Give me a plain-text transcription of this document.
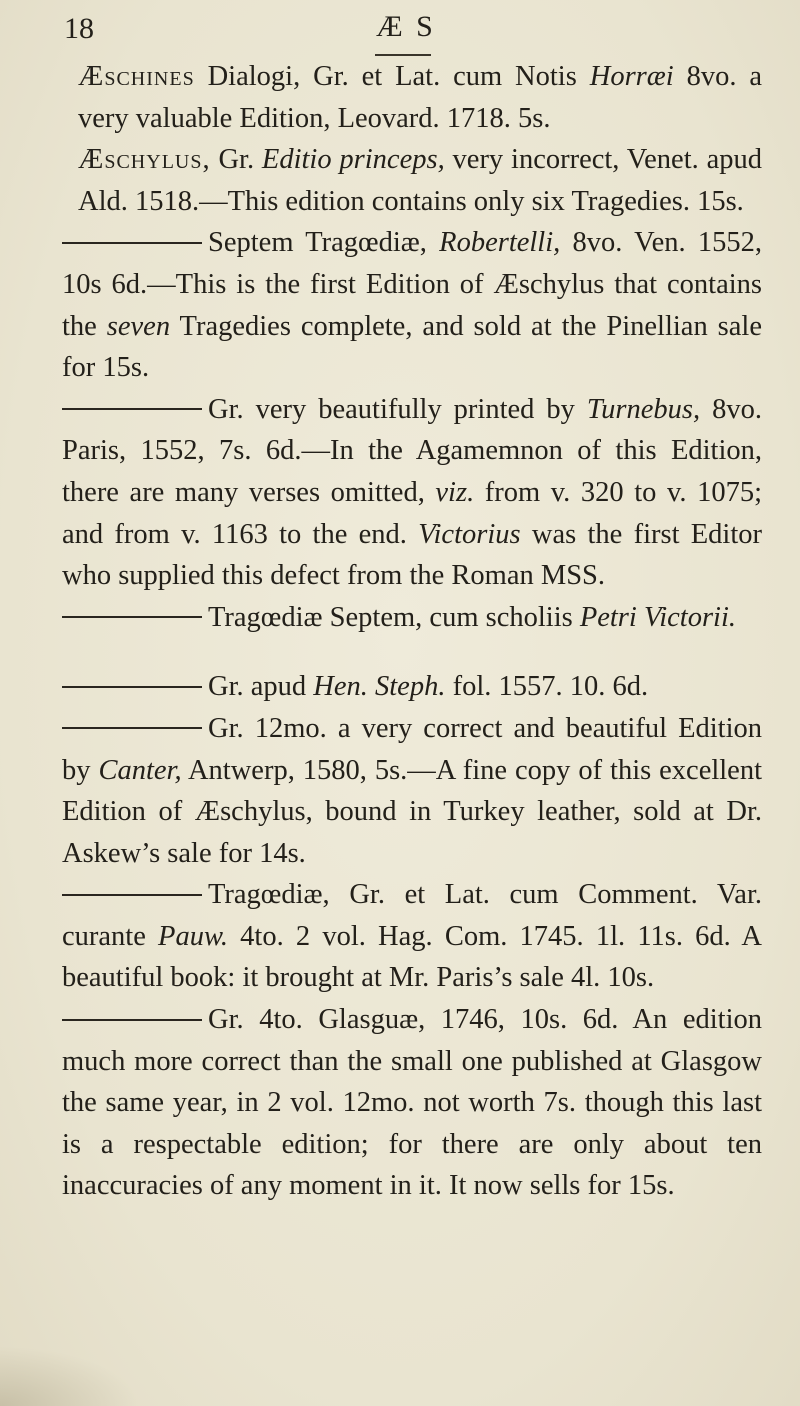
18	Æ S

Æschines Dialogi, Gr. et Lat. cum Notis Horræi 8vo. a very valuable Edition, Leovard. 1718. 5s.

Æschylus, Gr. Editio princeps, very incorrect, Venet. apud Ald. 1518.—This edition contains only six Tragedies. 15s.

Septem Tragœdiæ, Robertelli, 8vo. Ven. 1552, 10s 6d.—This is the first Edition of Æschylus that contains the seven Tragedies complete, and sold at the Pinellian sale for 15s.

Gr. very beautifully printed by Turnebus, 8vo. Paris, 1552, 7s. 6d.—In the Agamemnon of this Edition, there are many verses omitted, viz. from v. 320 to v. 1075; and from v. 1163 to the end. Victorius was the first Editor who supplied this defect from the Roman MSS.

Tragœdiæ Septem, cum scholiis Petri Victorii.

Gr. apud Hen. Steph. fol. 1557. 10. 6d.

Gr. 12mo. a very correct and beautiful Edition by Canter, Antwerp, 1580, 5s.—A fine copy of this excellent Edition of Æschylus, bound in Turkey leather, sold at Dr. Askew’s sale for 14s.

Tragœdiæ, Gr. et Lat. cum Comment. Var. curante Pauw. 4to. 2 vol. Hag. Com. 1745. 1l. 11s. 6d. A beautiful book: it brought at Mr. Paris’s sale 4l. 10s.

Gr. 4to. Glasguæ, 1746, 10s. 6d. An edition much more correct than the small one published at Glasgow the same year, in 2 vol. 12mo. not worth 7s. though this last is a respectable edition; for there are only about ten inaccuracies of any moment in it. It now sells for 15s.
